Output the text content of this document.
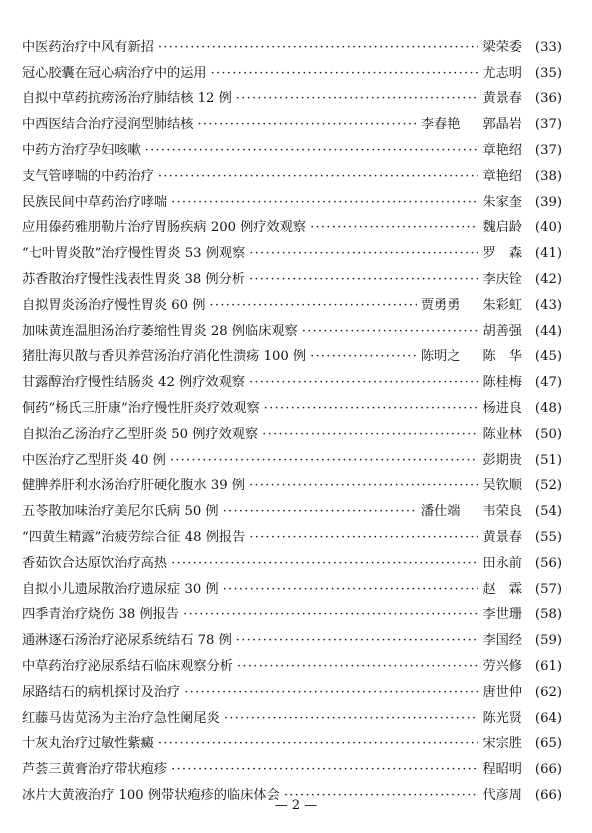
中医药治疗中风有新招 ·····	梁荣委 (33)
冠心胶囊在冠心病治疗中的运用 ·····	尤志明 (35)
自拟中草药抗痨汤治疗肺结核 12 例 ·····	黄景春 (36)
中西医结合治疗浸润型肺结核 ·····	李春艳 郭晶岩 (37)
中药方治疗孕妇咳嗽 ·····	章艳绍 (37)
支气管哮喘的中药治疗 ·····	章艳绍 (38)
民族民间中草药治疗哮喘 ·····	朱家奎 (39)
应用傣药雅朋勒片治疗胃肠疾病 200 例疗效观察 ·····	魏启龄 (40)
“七叶胃炎散”治疗慢性胃炎 53 例观察 ·····	罗　森 (41)
苏香散治疗慢性浅表性胃炎 38 例分析 ·····	李庆铨 (42)
自拟胃炎汤治疗慢性胃炎 60 例 ·····	贾勇勇 朱彩虹 (43)
加味黄连温胆汤治疗萎缩性胃炎 28 例临床观察 ·····	胡善强 (44)
猪肚海贝散与香贝养营汤治疗消化性溃疡 100 例 ·····	陈明之 陈　华 (45)
甘露醇治疗慢性结肠炎 42 例疗效观察 ·····	陈桂梅 (47)
侗药“杨氏三肝康”治疗慢性肝炎疗效观察 ·····	杨进良 (48)
自拟治乙汤治疗乙型肝炎 50 例疗效观察 ·····	陈业林 (50)
中医治疗乙型肝炎 40 例 ·····	彭期贵 (51)
健脾养肝利水汤治疗肝硬化腹水 39 例 ·····	吴钦顺 (52)
五苓散加味治疗美尼尔氏病 50 例 ·····	潘仕端 韦荣良 (54)
“四黄生精露”治疲劳综合征 48 例报告 ·····	黄景春 (55)
香茹饮合达原饮治疗高热 ·····	田永前 (56)
自拟小儿遗尿散治疗遗尿症 30 例 ·····	赵　霖 (57)
四季青治疗烧伤 38 例报告 ·····	李世珊 (58)
通淋逐石汤治疗泌尿系统结石 78 例 ·····	李国经 (59)
中草药治疗泌尿系结石临床观察分析 ·····	劳兴修 (61)
尿路结石的病机探讨及治疗 ·····	唐世仲 (62)
红藤马齿苋汤为主治疗急性阑尾炎 ·····	陈光贤 (64)
十灰丸治疗过敏性紫癜 ·····	宋宗胜 (65)
芦荟三黄膏治疗带状疱疹 ·····	程昭明 (66)
冰片大黄液治疗 100 例带状疱疹的临床体会 ·····	代彦周 (66)
— 2 —
